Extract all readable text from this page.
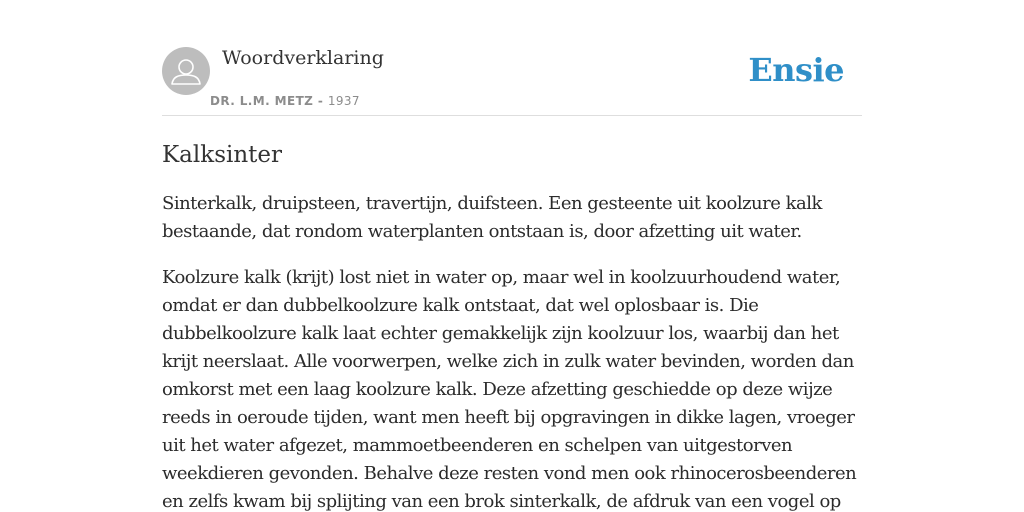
Woordverklaring
DR. L.M. METZ - 1937
Ensie
Kalksinter

Sinterkalk, druipsteen, travertijn, duifsteen. Een gesteente uit koolzure kalk bestaande, dat rondom waterplanten ontstaan is, door afzetting uit water.

Koolzure kalk (krijt) lost niet in water op, maar wel in koolzuurhoudend water, omdat er dan dubbelkoolzure kalk ontstaat, dat wel oplosbaar is. Die dubbelkoolzure kalk laat echter gemakkelijk zijn koolzuur los, waarbij dan het krijt neerslaat. Alle voorwerpen, welke zich in zulk water bevinden, worden dan omkorst met een laag koolzure kalk. Deze afzetting geschiedde op deze wijze reeds in oeroude tijden, want men heeft bij opgravingen in dikke lagen, vroeger uit het water afgezet, mammoetbeenderen en schelpen van uitgestorven weekdieren gevonden. Behalve deze resten vond men ook rhinocerosbeenderen en zelfs kwam bij splijting van een brok sinterkalk, de afdruk van een vogel op
